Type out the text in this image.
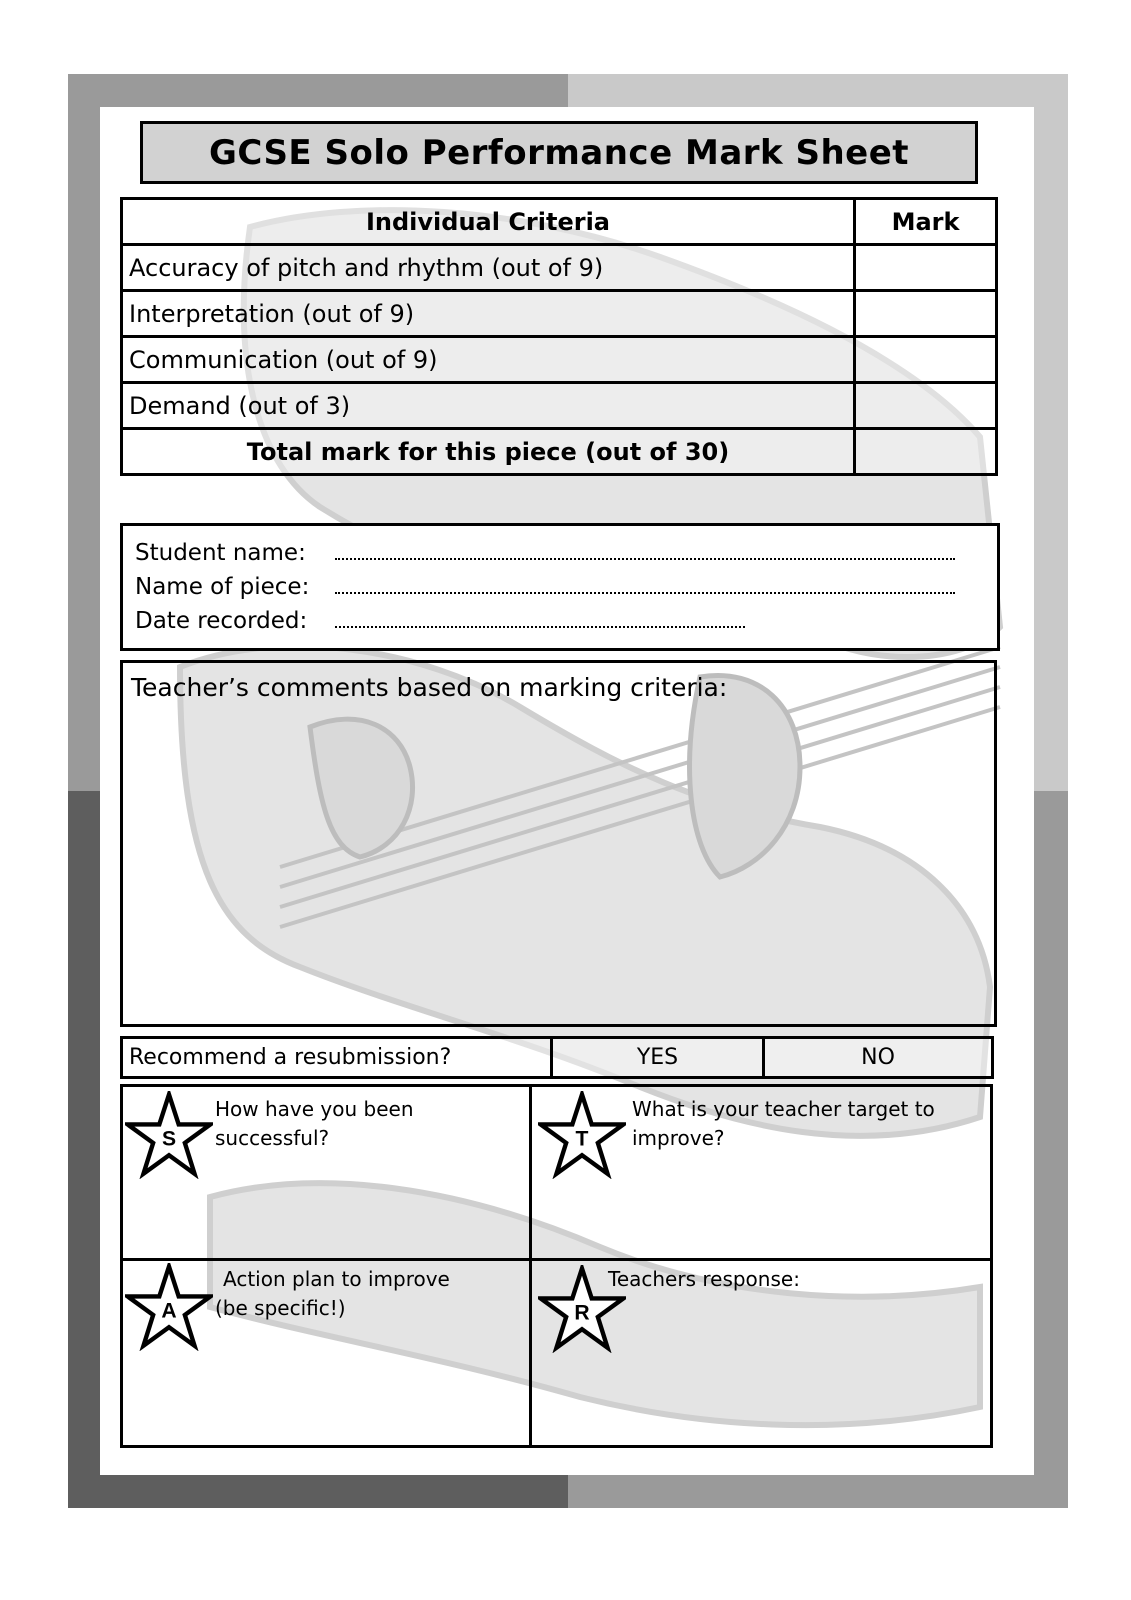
GCSE Solo Performance Mark Sheet
Individual Criteria	Mark
Accuracy of pitch and rhythm (out of 9)	
Interpretation (out of 9)	
Communication (out of 9)	
Demand (out of 3)	
Total mark for this piece (out of 30)	
Student name:
Name of piece:
Date recorded:
Teacher’s comments based on marking criteria:
Recommend a resubmission?	YES	NO
S
How have you been successful?	T
What is your teacher target to
improve?
A
Action plan to improve
(be specific!)	R
Teachers response:
